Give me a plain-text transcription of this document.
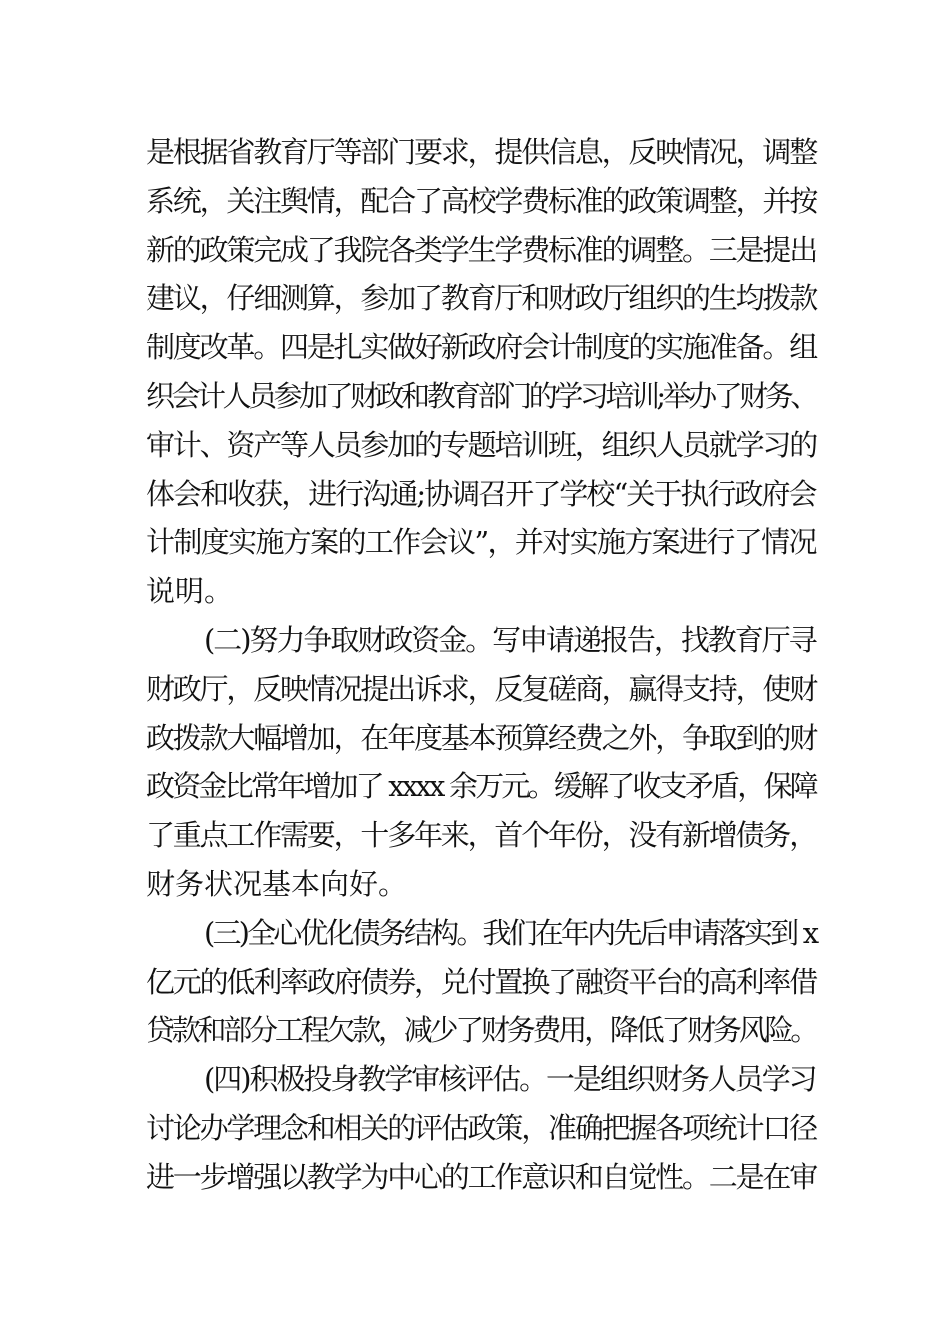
是根据省教育厅等部门要求，提供信息，反映情况，调整
系统，关注舆情，配合了高校学费标准的政策调整，并按
新的政策完成了我院各类学生学费标准的调整。三是提出
建议，仔细测算，参加了教育厅和财政厅组织的生均拨款
制度改革。四是扎实做好新政府会计制度的实施准备。组
织会计人员参加了财政和教育部门的学习培训;举办了财务、
审计、资产等人员参加的专题培训班，组织人员就学习的
体会和收获，进行沟通;协调召开了学校“关于执行政府会
计制度实施方案的工作会议”，并对实施方案进行了情况
说明。
(二)努力争取财政资金。写申请递报告，找教育厅寻
财政厅，反映情况提出诉求，反复磋商，赢得支持，使财
政拨款大幅增加，在年度基本预算经费之外，争取到的财
政资金比常年增加了 xxxx 余万元。缓解了收支矛盾，保障
了重点工作需要，十多年来，首个年份，没有新增债务，
财务状况基本向好。
(三)全心优化债务结构。我们在年内先后申请落实到 x
亿元的低利率政府债券，兑付置换了融资平台的高利率借
贷款和部分工程欠款，减少了财务费用，降低了财务风险。
(四)积极投身教学审核评估。一是组织财务人员学习
讨论办学理念和相关的评估政策，准确把握各项统计口径
进一步增强以教学为中心的工作意识和自觉性。二是在审
